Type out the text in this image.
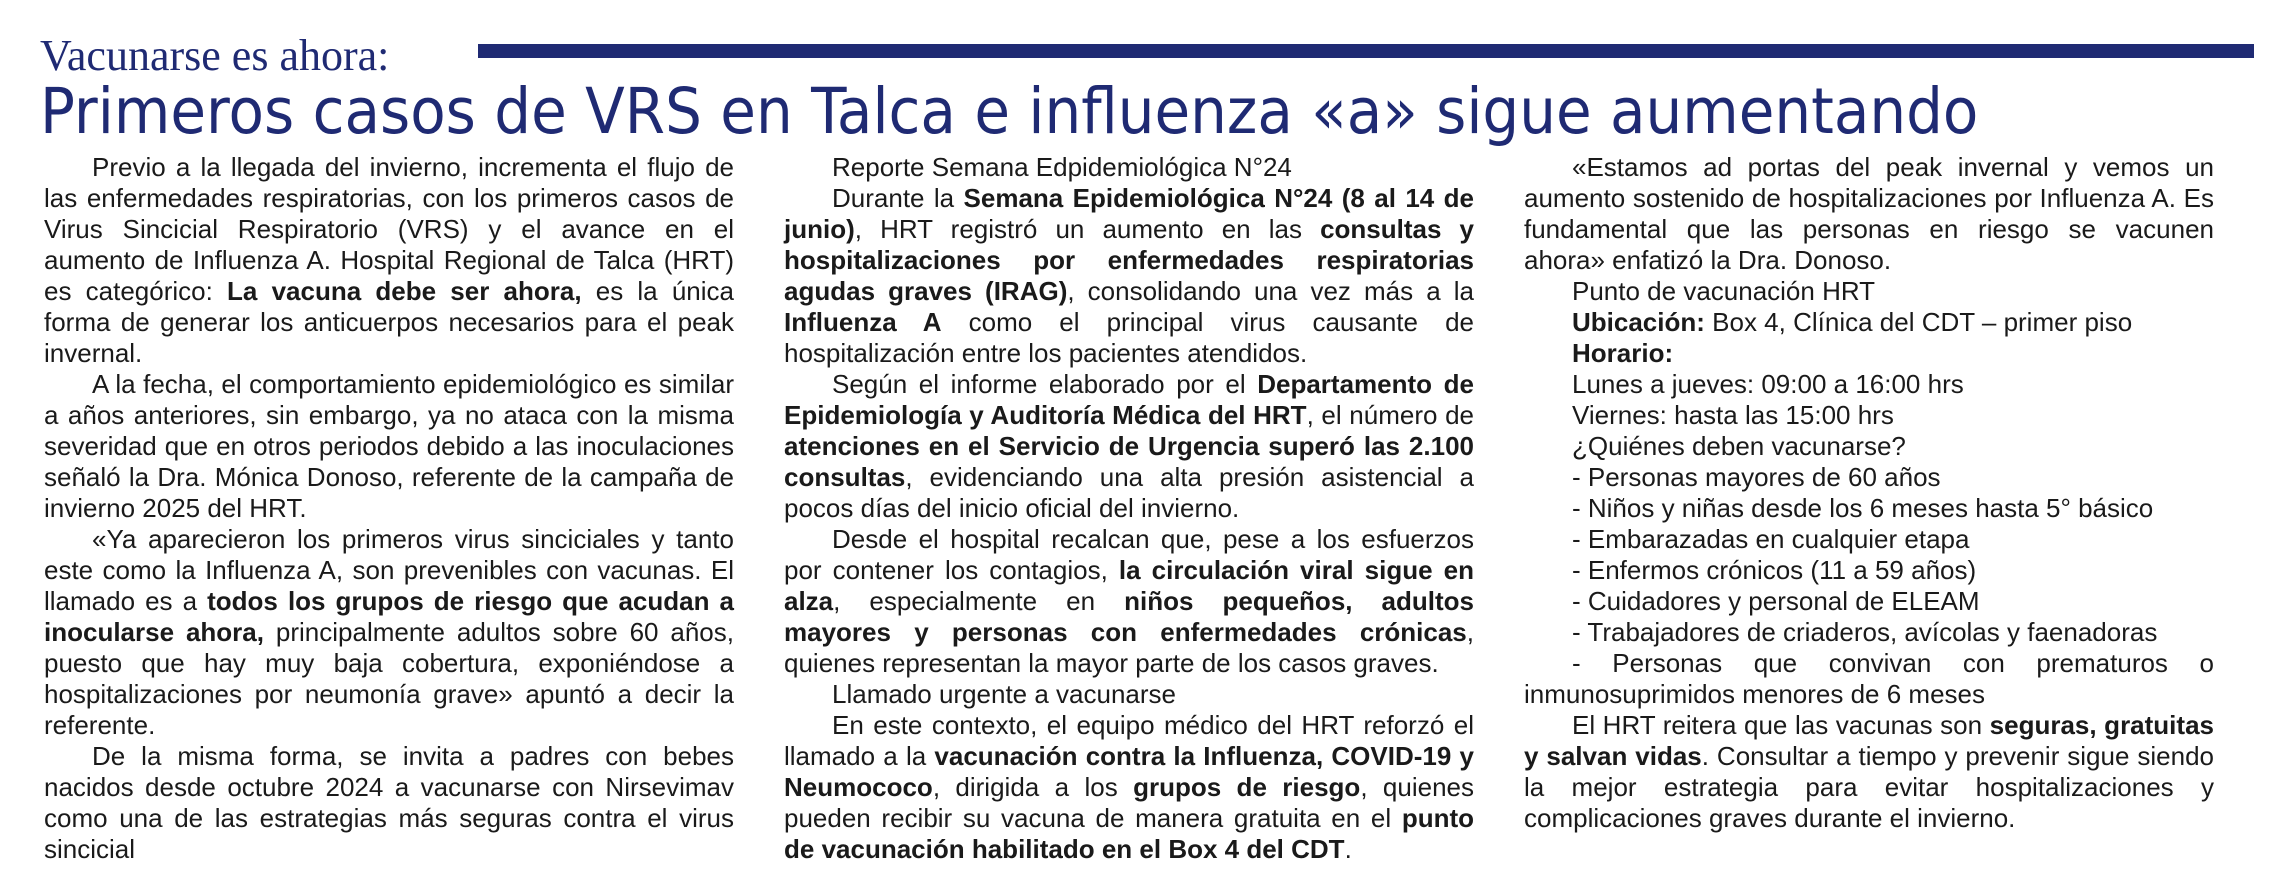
Vacunarse es ahora:
Primeros casos de VRS en Talca e influenza «a» sigue aumentando

Previo a la llegada del invierno, incrementa el flujo de las enfermedades respiratorias, con los primeros casos de Virus Sincicial Respiratorio (VRS) y el avance en el aumento de Influenza A. Hospital Regional de Talca (HRT) es categórico: La vacuna debe ser ahora, es la única forma de generar los anticuerpos necesarios para el peak invernal.

A la fecha, el comportamiento epidemiológico es similar a años anteriores, sin embargo, ya no ataca con la misma severidad que en otros periodos debido a las inoculaciones señaló la Dra. Mónica Donoso, referente de la campaña de invierno 2025 del HRT.

«Ya aparecieron los primeros virus sinciciales y tanto este como la Influenza A, son prevenibles con vacunas. El llamado es a todos los grupos de riesgo que acudan a inocularse ahora, principalmente adultos sobre 60 años, puesto que hay muy baja cobertura, exponiéndose a hospitalizaciones por neumonía grave» apuntó a decir la referente.

De la misma forma, se invita a padres con bebes nacidos desde octubre 2024 a vacunarse con Nirsevimav como una de las estrategias más seguras contra el virus sincicial

Reporte Semana Edpidemiológica N°24

Durante la Semana Epidemiológica N°24 (8 al 14 de junio), HRT registró un aumento en las consultas y hospitalizaciones por enfermedades respiratorias agudas graves (IRAG), consolidando una vez más a la Influenza A como el principal virus causante de hospitalización entre los pacientes atendidos.

Según el informe elaborado por el Departamento de Epidemiología y Auditoría Médica del HRT, el número de atenciones en el Servicio de Urgencia superó las 2.100 consultas, evidenciando una alta presión asistencial a pocos días del inicio oficial del invierno.

Desde el hospital recalcan que, pese a los esfuerzos por contener los contagios, la circulación viral sigue en alza, especialmente en niños pequeños, adultos mayores y personas con enfermedades crónicas, quienes representan la mayor parte de los casos graves.

Llamado urgente a vacunarse

En este contexto, el equipo médico del HRT reforzó el llamado a la vacunación contra la Influenza, COVID-19 y Neumococo, dirigida a los grupos de riesgo, quienes pueden recibir su vacuna de manera gratuita en el punto de vacunación habilitado en el Box 4 del CDT.

«Estamos ad portas del peak invernal y vemos un aumento sostenido de hospitalizaciones por Influenza A. Es fundamental que las personas en riesgo se vacunen ahora» enfatizó la Dra. Donoso.

Punto de vacunación HRT
Ubicación: Box 4, Clínica del CDT – primer piso
Horario:
Lunes a jueves: 09:00 a 16:00 hrs
Viernes: hasta las 15:00 hrs
¿Quiénes deben vacunarse?
- Personas mayores de 60 años
- Niños y niñas desde los 6 meses hasta 5° básico
- Embarazadas en cualquier etapa
- Enfermos crónicos (11 a 59 años)
- Cuidadores y personal de ELEAM
- Trabajadores de criaderos, avícolas y faenadoras
- Personas que convivan con prematuros o inmunosuprimidos menores de 6 meses

El HRT reitera que las vacunas son seguras, gratuitas y salvan vidas. Consultar a tiempo y prevenir sigue siendo la mejor estrategia para evitar hospitalizaciones y complicaciones graves durante el invierno.
